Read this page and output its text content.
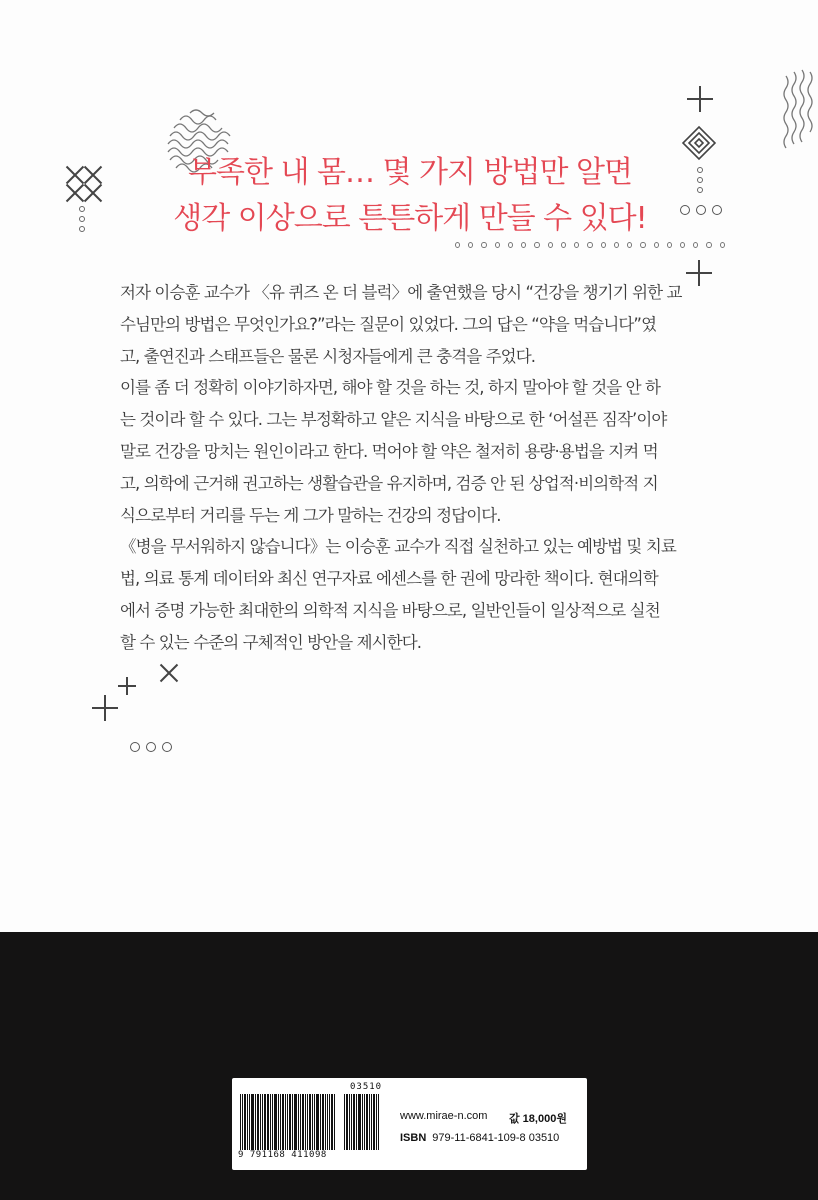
부족한 내 몸… 몇 가지 방법만 알면
생각 이상으로 튼튼하게 만들 수 있다!

저자 이승훈 교수가 〈유 퀴즈 온 더 블럭〉에 출연했을 당시 “건강을 챙기기 위한 교
수님만의 방법은 무엇인가요?”라는 질문이 있었다. 그의 답은 “약을 먹습니다”였
고, 출연진과 스태프들은 물론 시청자들에게 큰 충격을 주었다.

이를 좀 더 정확히 이야기하자면, 해야 할 것을 하는 것, 하지 말아야 할 것을 안 하
는 것이라 할 수 있다. 그는 부정확하고 얕은 지식을 바탕으로 한 ‘어설픈 짐작’이야
말로 건강을 망치는 원인이라고 한다. 먹어야 할 약은 철저히 용량·용법을 지켜 먹
고, 의학에 근거해 권고하는 생활습관을 유지하며, 검증 안 된 상업적·비의학적 지
식으로부터 거리를 두는 게 그가 말하는 건강의 정답이다.

《병을 무서워하지 않습니다》는 이승훈 교수가 직접 실천하고 있는 예방법 및 치료
법, 의료 통계 데이터와 최신 연구자료 에센스를 한 권에 망라한 책이다. 현대의학
에서 증명 가능한 최대한의 의학적 지식을 바탕으로, 일반인들이 일상적으로 실천
할 수 있는 수준의 구체적인 방안을 제시한다.

9 791168 411098
03510
www.mirae-n.com 값 18,000원
ISBN 979-11-6841-109-8 03510
